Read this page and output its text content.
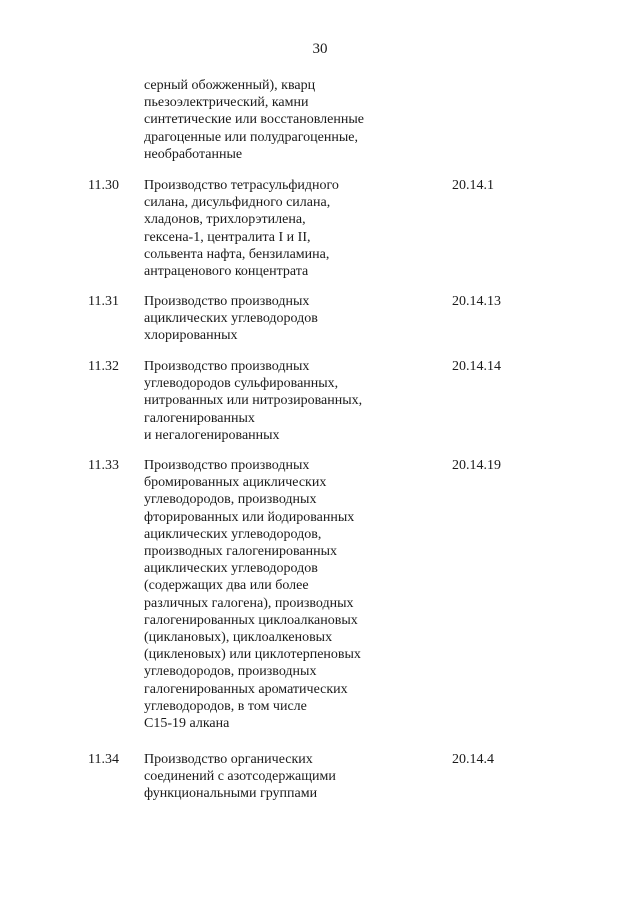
30
серный обожженный), кварц
пьезоэлектрический, камни
синтетические или восстановленные
драгоценные или полудрагоценные,
необработанные
11.30 Производство тетрасульфидного
силана, дисульфидного силана,
хладонов, трихлорэтилена,
гексена-1, централита I и II,
сольвента нафта, бензиламина,
антраценового концентрата
20.14.1
11.31 Производство производных
ациклических углеводородов
хлорированных
20.14.13
11.32 Производство производных
углеводородов сульфированных,
нитрованных или нитрозированных,
галогенированных
и негалогенированных
20.14.14
11.33 Производство производных
бромированных ациклических
углеводородов, производных
фторированных или йодированных
ациклических углеводородов,
производных галогенированных
ациклических углеводородов
(содержащих два или более
различных галогена), производных
галогенированных циклоалкановых
(циклановых), циклоалкеновых
(цикленовых) или циклотерпеновых
углеводородов, производных
галогенированных ароматических
углеводородов, в том числе
С15-19 алкана
20.14.19
11.34 Производство органических
соединений с азотсодержащими
функциональными группами
20.14.4
